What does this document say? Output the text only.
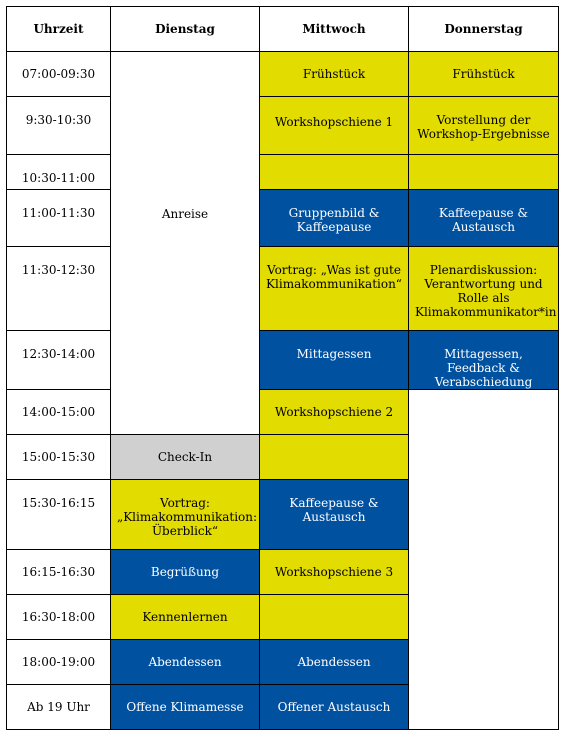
Uhrzeit	Dienstag	Mittwoch	Donnerstag
07:00-09:30	Anreise	Frühstück	Frühstück
9:30-10:30		Workshopschiene 1	Vorstellung der Workshop-Ergebnisse
10:30-11:00			
11:00-11:30		Gruppenbild & Kaffeepause	Kaffeepause & Austausch
11:30-12:30		Vortrag: „Was ist gute Klimakommunikation“	Plenardiskussion: Verantwortung und Rolle als Klimakommunikator*in
12:30-14:00		Mittagessen	Mittagessen, Feedback & Verabschiedung
14:00-15:00		Workshopschiene 2	
15:00-15:30	Check-In		
15:30-16:15	Vortrag: „Klimakommunikation: Überblick“	Kaffeepause & Austausch	
16:15-16:30	Begrüßung	Workshopschiene 3	
16:30-18:00	Kennenlernen		
18:00-19:00	Abendessen	Abendessen	
Ab 19 Uhr	Offene Klimamesse	Offener Austausch	
